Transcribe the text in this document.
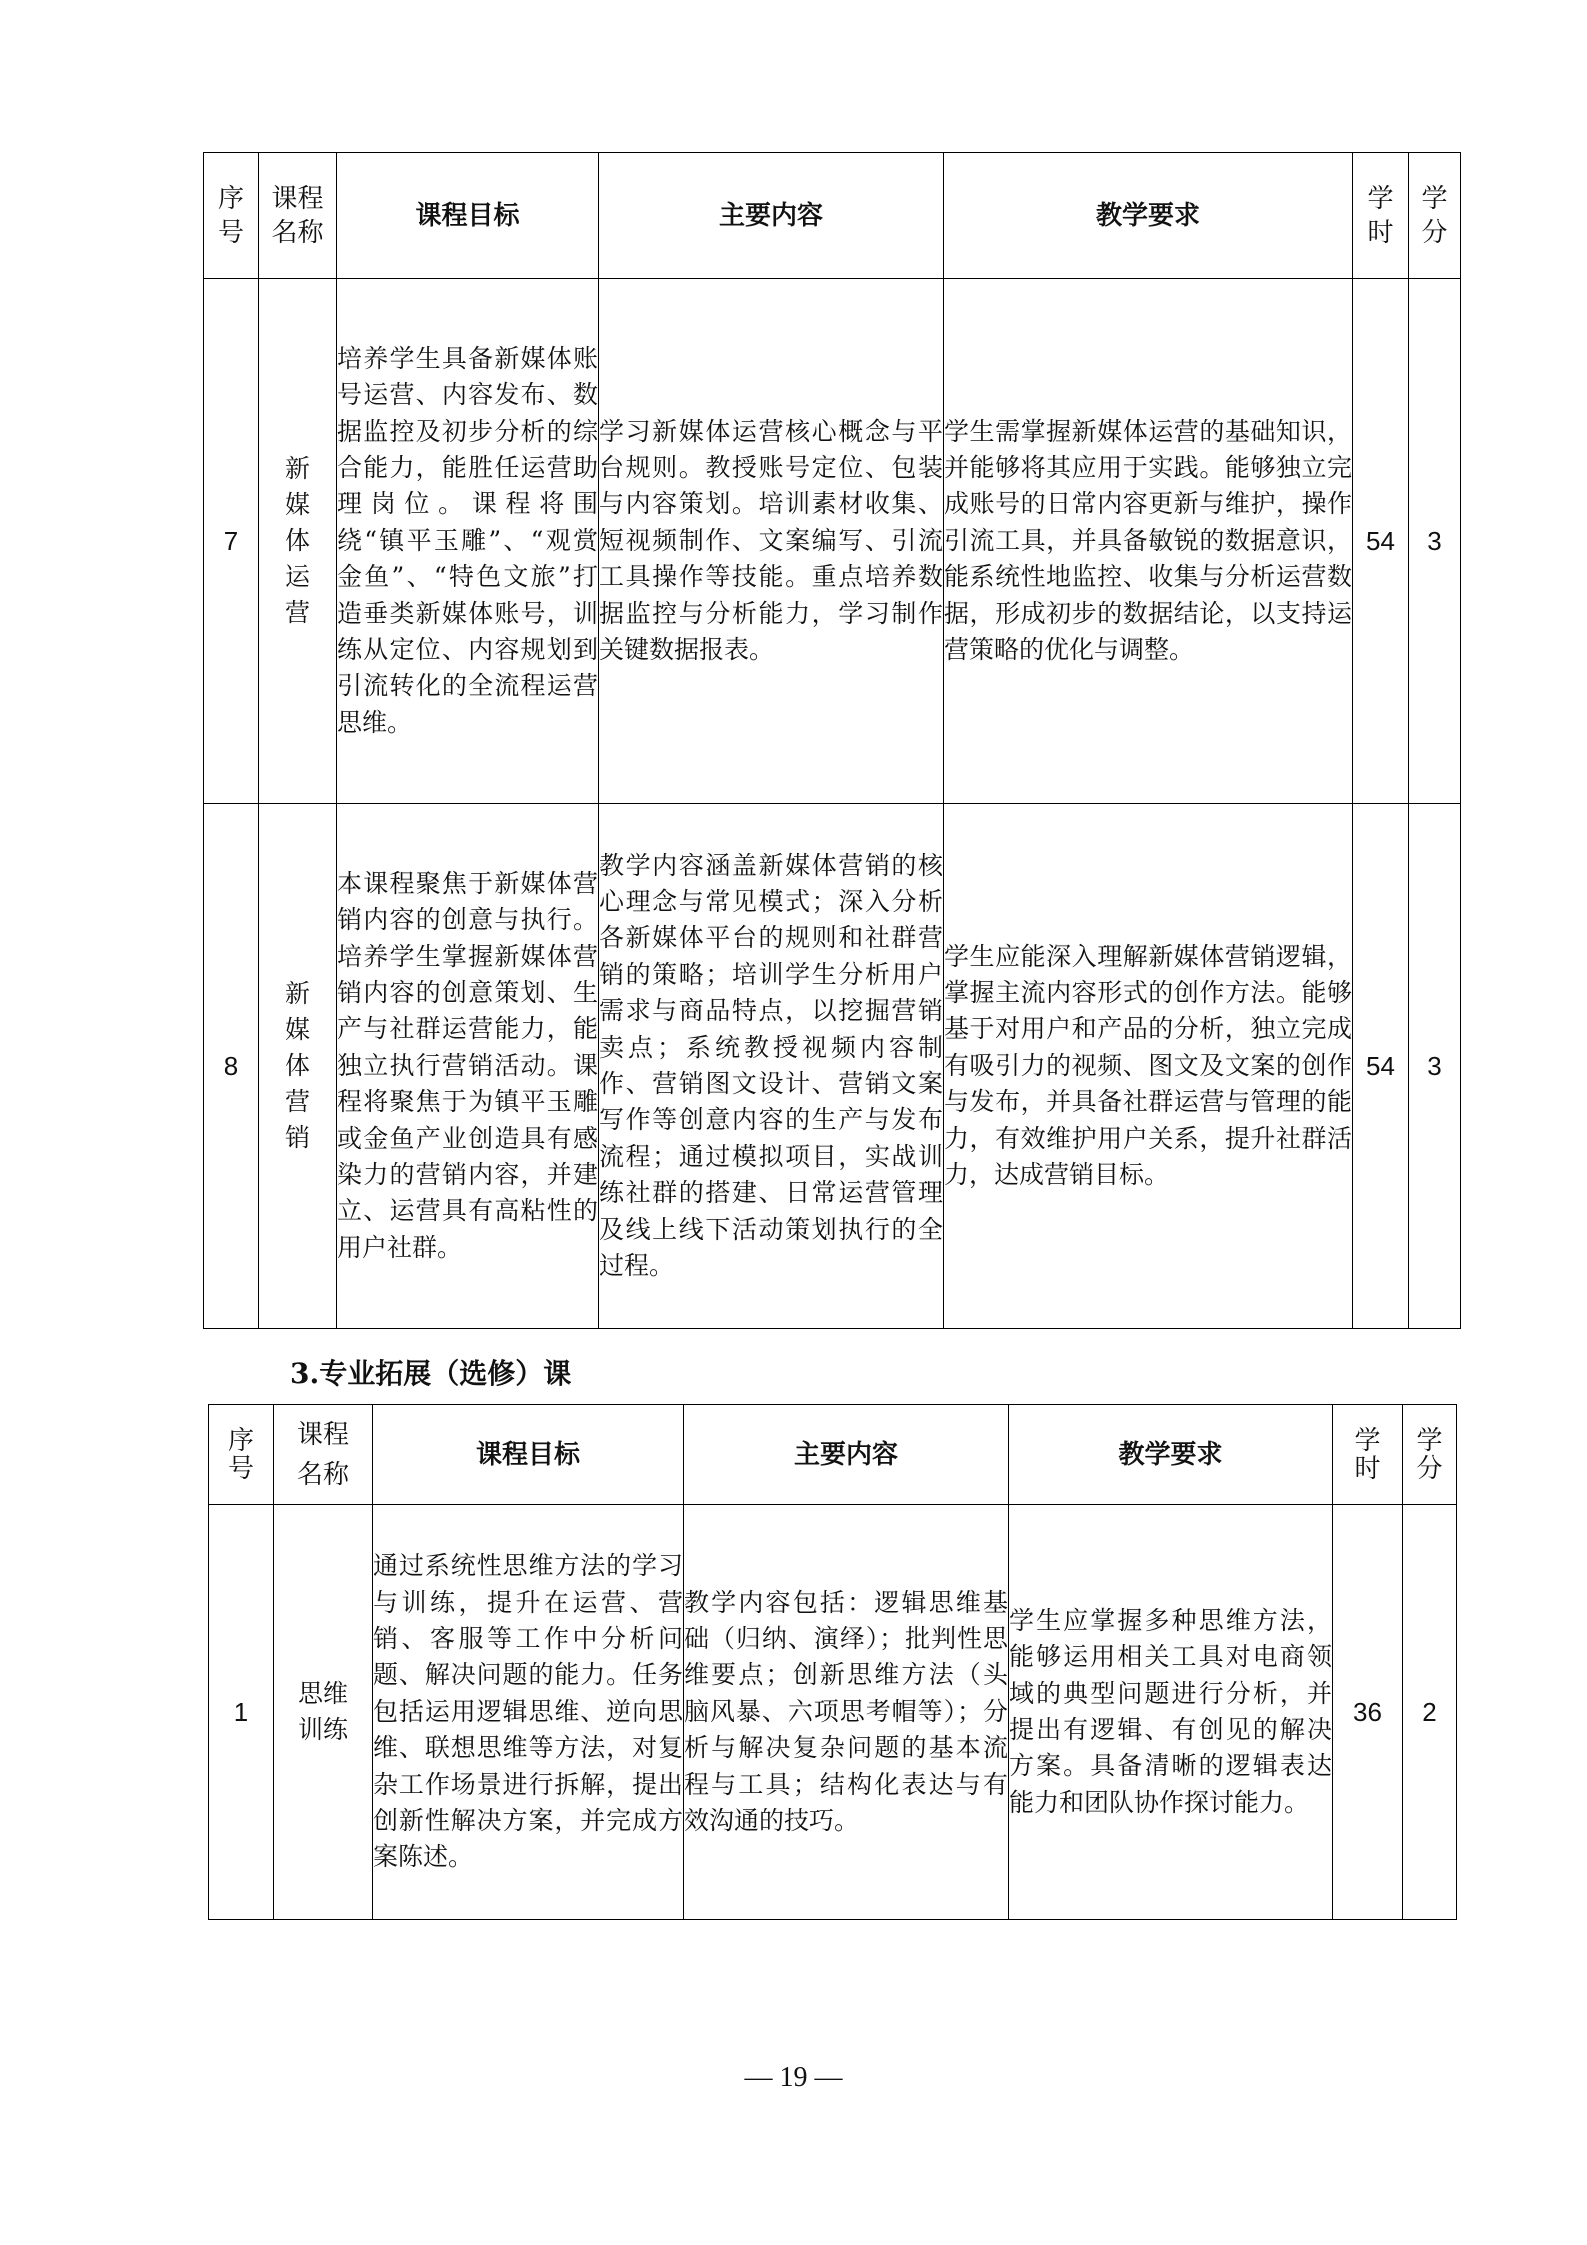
序号	课程名称	课程目标	主要内容	教学要求	学时	学分

7	新媒体运营	培养学生具备新媒体账号运营、内容发布、数据监控及初步分析的综合能力，能胜任运营助理岗位。课程将围绕“镇平玉雕”、“观赏金鱼”、“特色文旅”打造垂类新媒体账号，训练从定位、内容规划到引流转化的全流程运营思维。	学习新媒体运营核心概念与平台规则。教授账号定位、包装与内容策划。培训素材收集、短视频制作、文案编写、引流工具操作等技能。重点培养数据监控与分析能力，学习制作关键数据报表。	学生需掌握新媒体运营的基础知识，并能够将其应用于实践。能够独立完成账号的日常内容更新与维护，操作引流工具，并具备敏锐的数据意识，能系统性地监控、收集与分析运营数据，形成初步的数据结论，以支持运营策略的优化与调整。	54	3
8	新媒体营销	本课程聚焦于新媒体营销内容的创意与执行。培养学生掌握新媒体营销内容的创意策划、生产与社群运营能力，能独立执行营销活动。课程将聚焦于为镇平玉雕或金鱼产业创造具有感染力的营销内容，并建立、运营具有高粘性的用户社群。	教学内容涵盖新媒体营销的核心理念与常见模式；深入分析各新媒体平台的规则和社群营销的策略；培训学生分析用户需求与商品特点，以挖掘营销卖点；系统教授视频内容制作、营销图文设计、营销文案写作等创意内容的生产与发布流程；通过模拟项目，实战训练社群的搭建、日常运营管理及线上线下活动策划执行的全过程。	学生应能深入理解新媒体营销逻辑，掌握主流内容形式的创作方法。能够基于对用户和产品的分析，独立完成有吸引力的视频、图文及文案的创作与发布，并具备社群运营与管理的能力，有效维护用户关系，提升社群活力，达成营销目标。	54	3
3.专业拓展（选修）课
序号	课程名称	课程目标	主要内容	教学要求	学时	学分

1	思维训练	通过系统性思维方法的学习与训练，提升在运营、营销、客服等工作中分析问题、解决问题的能力。任务包括运用逻辑思维、逆向思维、联想思维等方法，对复杂工作场景进行拆解，提出创新性解决方案，并完成方案陈述。	教学内容包括：逻辑思维基础（归纳、演绎）；批判性思维要点；创新思维方法（头脑风暴、六项思考帽等）；分析与解决复杂问题的基本流程与工具；结构化表达与有效沟通的技巧。	学生应掌握多种思维方法，能够运用相关工具对电商领域的典型问题进行分析，并提出有逻辑、有创见的解决方案。具备清晰的逻辑表达能力和团队协作探讨能力。	36	2
— 19 —
